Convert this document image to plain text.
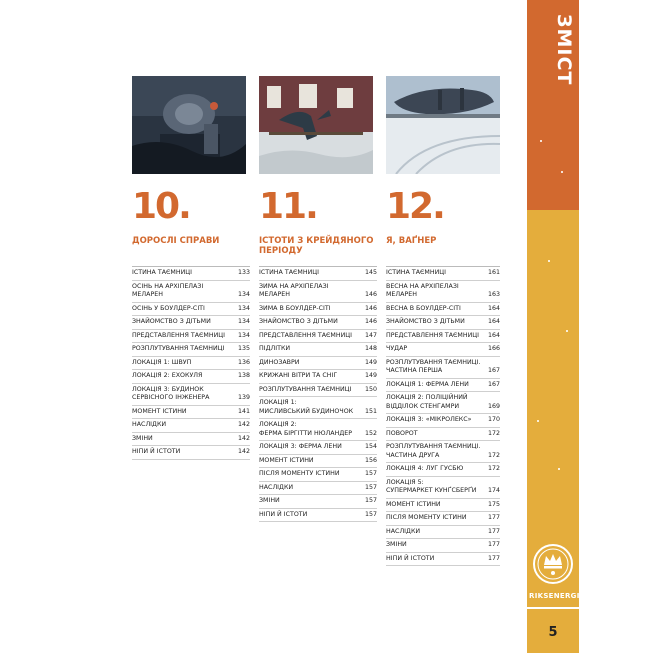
ЗМІСТ
RIKSENERGI
5
10.
ДОРОСЛІ СПРАВИ
ІСТИНА ТАЄМНИЦІ	133
ОСІНЬ НА АРХІПЕЛАЗІ
МЕЛАРЕН	134
ОСІНЬ У БОУЛДЕР-СІТІ	134
ЗНАЙОМСТВО З ДІТЬМИ	134
ПРЕДСТАВЛЕННЯ ТАЄМНИЦІ 134
РОЗПЛУТУВАННЯ ТАЄМНИЦІ 135
ЛОКАЦІЯ 1: ШВУП	136
ЛОКАЦІЯ 2: ЕХОКУЛЯ	138
ЛОКАЦІЯ 3: БУДИНОК
СЕРВІСНОГО ІНЖЕНЕРА	139
МОМЕНТ ІСТИНИ	141
НАСЛІДКИ	142
ЗМІНИ	142
НІПИ Й ІСТОТИ	142
11.
ІСТОТИ З КРЕЙДЯНОГО ПЕРІОДУ
ІСТИНА ТАЄМНИЦІ	145
ЗИМА НА АРХІПЕЛАЗІ
МЕЛАРЕН	146
ЗИМА В БОУЛДЕР-СІТІ	146
ЗНАЙОМСТВО З ДІТЬМИ	146
ПРЕДСТАВЛЕННЯ ТАЄМНИЦІ 147
ПІДЛІТКИ	148
ДИНОЗАВРИ	149
КРИЖАНІ ВІТРИ ТА СНІГ	149
РОЗПЛУТУВАННЯ ТАЄМНИЦІ 150
ЛОКАЦІЯ 1:
МИСЛИВСЬКИЙ БУДИНОЧОК 151
ЛОКАЦІЯ 2:
ФЕРМА БІРГІТТИ НЮЛАНДЕР 152
ЛОКАЦІЯ 3: ФЕРМА ЛЕНИ	154
МОМЕНТ ІСТИНИ	156
ПІСЛЯ МОМЕНТУ ІСТИНИ	157
НАСЛІДКИ	157
ЗМІНИ	157
НІПИ Й ІСТОТИ	157
12.
Я, ВАҐНЕР
ІСТИНА ТАЄМНИЦІ	161
ВЕСНА НА АРХІПЕЛАЗІ
МЕЛАРЕН	163
ВЕСНА В БОУЛДЕР-СІТІ	164
ЗНАЙОМСТВО З ДІТЬМИ	164
ПРЕДСТАВЛЕННЯ ТАЄМНИЦІ 164
ЧУДАР	166
РОЗПЛУТУВАННЯ ТАЄМНИЦІ.
ЧАСТИНА ПЕРША	167
ЛОКАЦІЯ 1: ФЕРМА ЛЕНИ	167
ЛОКАЦІЯ 2: ПОЛІЦІЙНИЙ
ВІДДІЛОК СТЕНГАМРИ	169
ЛОКАЦІЯ 3: «МІКРОЛЕКС»	170
ПОВОРОТ	172
РОЗПЛУТУВАННЯ ТАЄМНИЦІ.
ЧАСТИНА ДРУГА	172
ЛОКАЦІЯ 4: ЛУГ ГУСБЮ	172
ЛОКАЦІЯ 5:
СУПЕРМАРКЕТ КУНҐСБЕРҐИ 174
МОМЕНТ ІСТИНИ	175
ПІСЛЯ МОМЕНТУ ІСТИНИ	177
НАСЛІДКИ	177
ЗМІНИ	177
НІПИ Й ІСТОТИ	177
